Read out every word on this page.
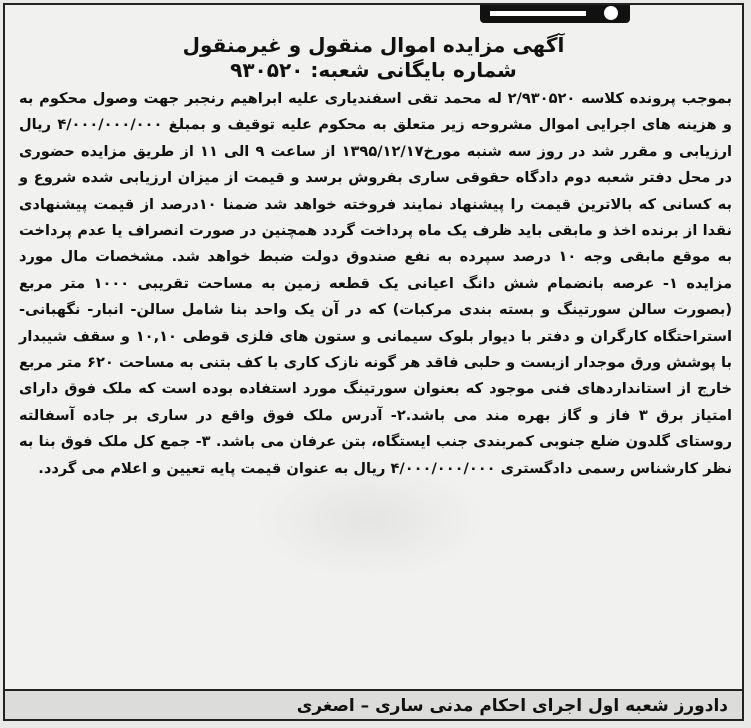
آگهی مزایده اموال منقول و غیرمنقول
شماره بایگانی شعبه: ۹۳۰۵۲۰
بموجب پرونده کلاسه ۲/۹۳۰۵۲۰ له محمد تقی اسفندیاری علیه ابراهیم رنجبر جهت وصول محکوم به و هزینه های اجرایی اموال مشروحه زیر متعلق به محکوم علیه توقیف و بمبلغ ۴/۰۰۰/۰۰۰/۰۰۰ ریال ارزیابی و مقرر شد در روز سه شنبه مورخ۱۳۹۵/۱۲/۱۷ از ساعت ۹ الی ۱۱ از طریق مزایده حضوری در محل دفتر شعبه دوم دادگاه حقوقی ساری بفروش برسد و قیمت از میزان ارزیابی شده شروع و به کسانی که بالاترین قیمت را پیشنهاد نمایند فروخته خواهد شد ضمنا ۱۰درصد از قیمت پیشنهادی نقدا از برنده اخذ و مابقی باید ظرف یک ماه پرداخت گردد همچنین در صورت انصراف یا عدم پرداخت به موقع مابقی وجه ۱۰ درصد سپرده به نفع صندوق دولت ضبط خواهد شد. مشخصات مال مورد مزایده ۱- عرصه بانضمام شش دانگ اعیانی یک قطعه زمین به مساحت تقریبی ۱۰۰۰ متر مربع (بصورت سالن سورتینگ و بسته بندی مرکبات) که در آن یک واحد بنا شامل سالن- انبار- نگهبانی- استراحتگاه کارگران و دفتر با دیوار بلوک سیمانی و ستون های فلزی قوطی ۱۰,۱۰ و سقف شیبدار با پوشش ورق موجدار ازبست و حلبی فاقد هر گونه نازک کاری با کف بتنی به مساحت ۶۲۰ متر مربع خارج از استانداردهای فنی موجود که بعنوان سورتینگ مورد استفاده بوده است که ملک فوق دارای امتیاز برق ۳ فاز و گاز بهره مند می باشد.۲- آدرس ملک فوق واقع در ساری بر جاده آسفالته روستای گلدون ضلع جنوبی کمربندی جنب ایستگاه، بتن عرفان می باشد. ۳- جمع کل ملک فوق بنا به نظر کارشناس رسمی دادگستری ۴/۰۰۰/۰۰۰/۰۰۰ ریال به عنوان قیمت پایه تعیین و اعلام می گردد.
دادورز شعبه اول اجرای احکام مدنی ساری – اصغری
